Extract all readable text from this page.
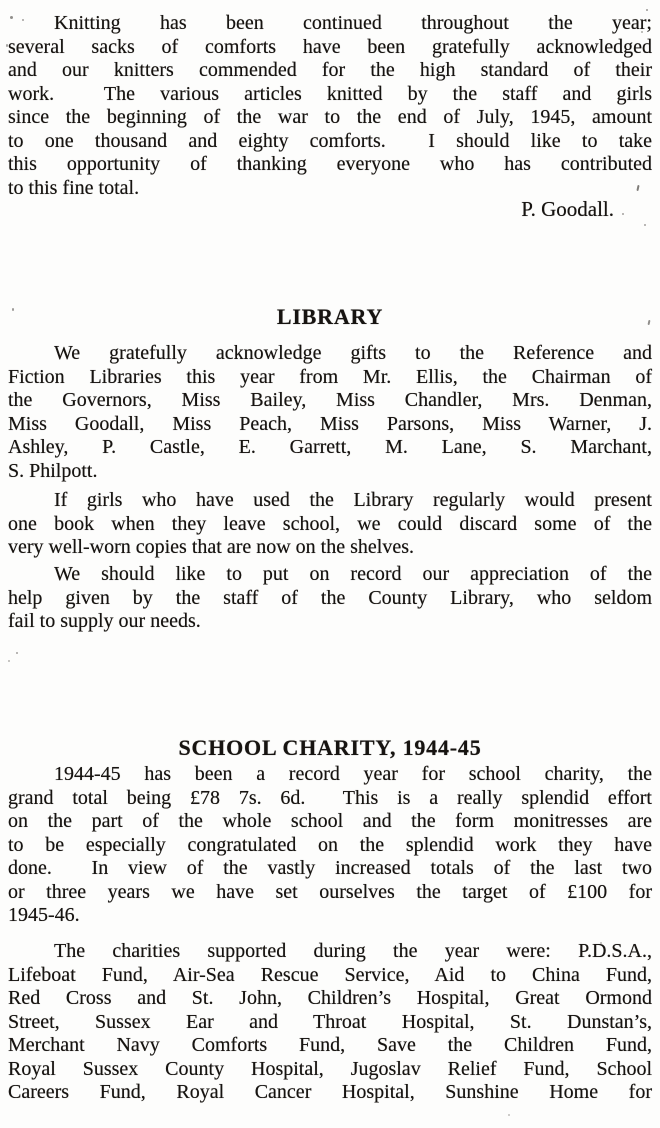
Knitting has been continued throughout the year;
several sacks of comforts have been gratefully acknowledged
and our knitters commended for the high standard of their
work.  The various articles knitted by the staff and girls
since the beginning of the war to the end of July, 1945, amount
to one thousand and eighty comforts.  I should like to take
this opportunity of thanking everyone who has contributed
to this fine total.
P. Goodall.
LIBRARY
We gratefully acknowledge gifts to the Reference and
Fiction Libraries this year from Mr. Ellis, the Chairman of
the Governors, Miss Bailey, Miss Chandler, Mrs. Denman,
Miss Goodall, Miss Peach, Miss Parsons, Miss Warner, J.
Ashley, P. Castle, E. Garrett, M. Lane, S. Marchant,
S. Philpott.
If girls who have used the Library regularly would present
one book when they leave school, we could discard some of the
very well-worn copies that are now on the shelves.
We should like to put on record our appreciation of the
help given by the staff of the County Library, who seldom
fail to supply our needs.
SCHOOL CHARITY, 1944-45
1944-45 has been a record year for school charity, the
grand total being £78 7s. 6d.  This is a really splendid effort
on the part of the whole school and the form monitresses are
to be especially congratulated on the splendid work they have
done.  In view of the vastly increased totals of the last two
or three years we have set ourselves the target of £100 for
1945-46.
The charities supported during the year were: P.D.S.A.,
Lifeboat Fund, Air-Sea Rescue Service, Aid to China Fund,
Red Cross and St. John, Children’s Hospital, Great Ormond
Street, Sussex Ear and Throat Hospital, St. Dunstan’s,
Merchant Navy Comforts Fund, Save the Children Fund,
Royal Sussex County Hospital, Jugoslav Relief Fund, School
Careers Fund, Royal Cancer Hospital, Sunshine Home for
